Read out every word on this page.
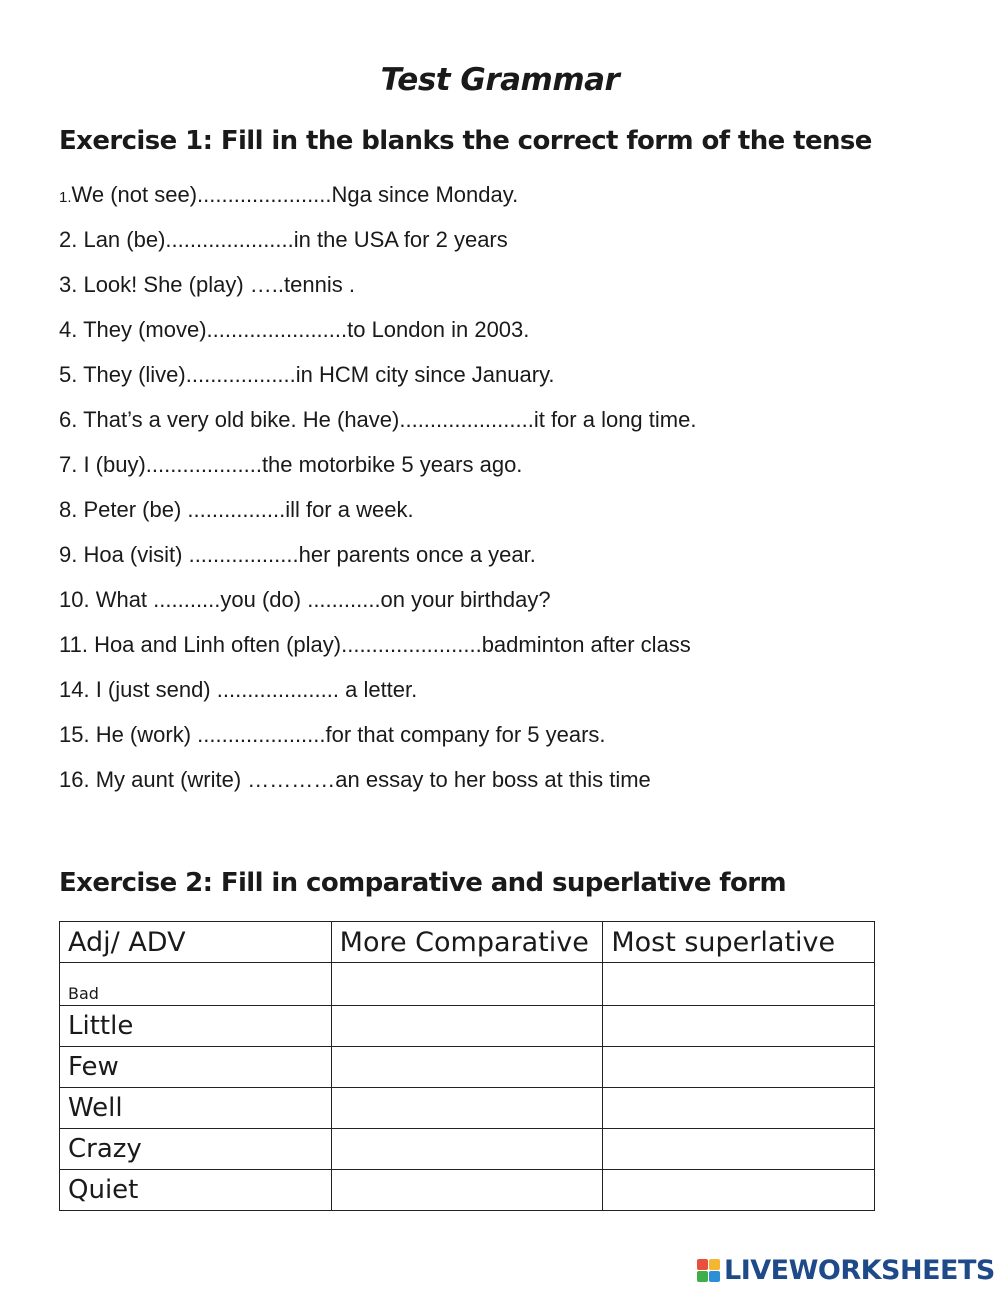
Test Grammar
Exercise 1: Fill in the blanks the correct form of the tense
1.We (not see)......................Nga since Monday.
2. Lan (be).....................in the USA for 2 years
3. Look! She (play) …..tennis .
4. They (move).......................to London in 2003.
5. They (live)..................in HCM city since January.
6. That’s a very old bike. He (have)......................it for a long time.
7. I (buy)...................the motorbike 5 years ago.
8. Peter (be) ................ill for a week.
9. Hoa (visit) ..................her parents once a year.
10. What ...........you (do) ............on your birthday?
11. Hoa and Linh often (play).......................badminton after class
14. I (just send) .................... a letter.
15. He (work) .....................for that company for 5 years.
16. My aunt (write) …………an essay to her boss at this time
Exercise 2: Fill in comparative and superlative form
Adj/ ADV	More Comparative	Most superlative
Bad		
Little		
Few		
Well		
Crazy		
Quiet		
LIVEWORKSHEETS
